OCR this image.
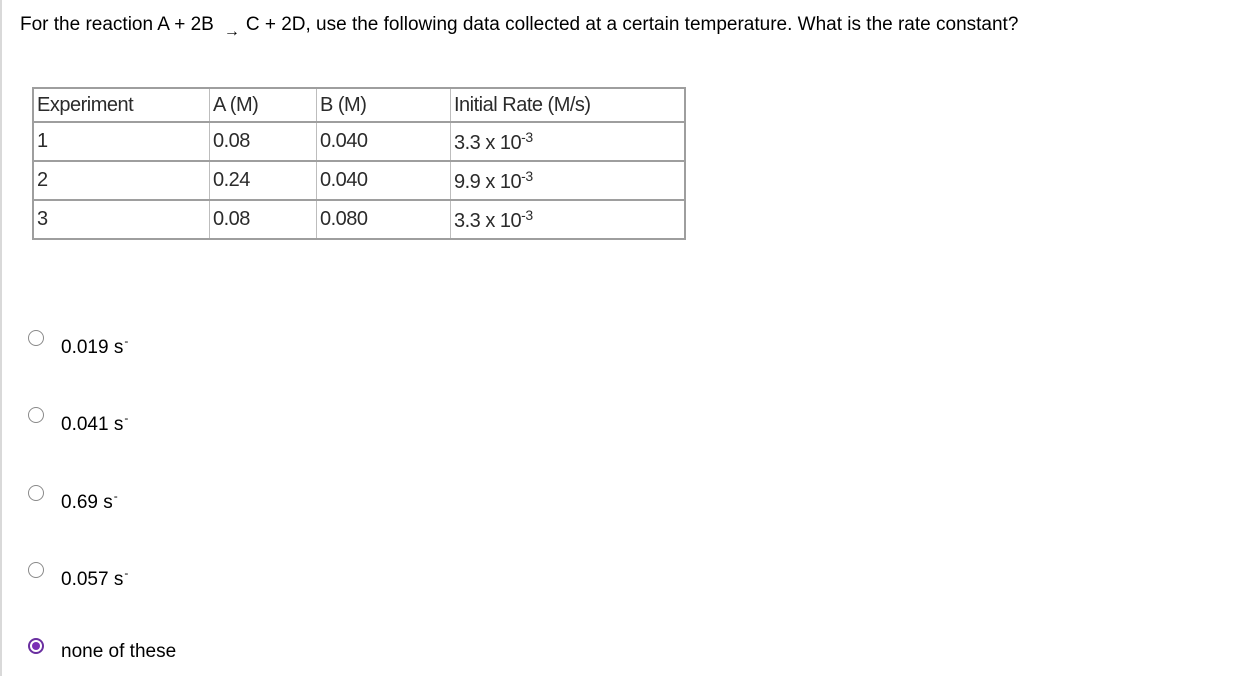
For the reaction A + 2B → C + 2D, use the following data collected at a certain temperature. What is the rate constant?
Experiment	A (M)	B (M)	Initial Rate (M/s)
1	0.08	0.040	3.3 x $10^{-3}$
2	0.24	0.040	9.9 x $10^{-3}$
3	0.08	0.080	3.3 x $10^{-3}$
0.019 s-
0.041 s-
0.69 s-
0.057 s-
none of these
